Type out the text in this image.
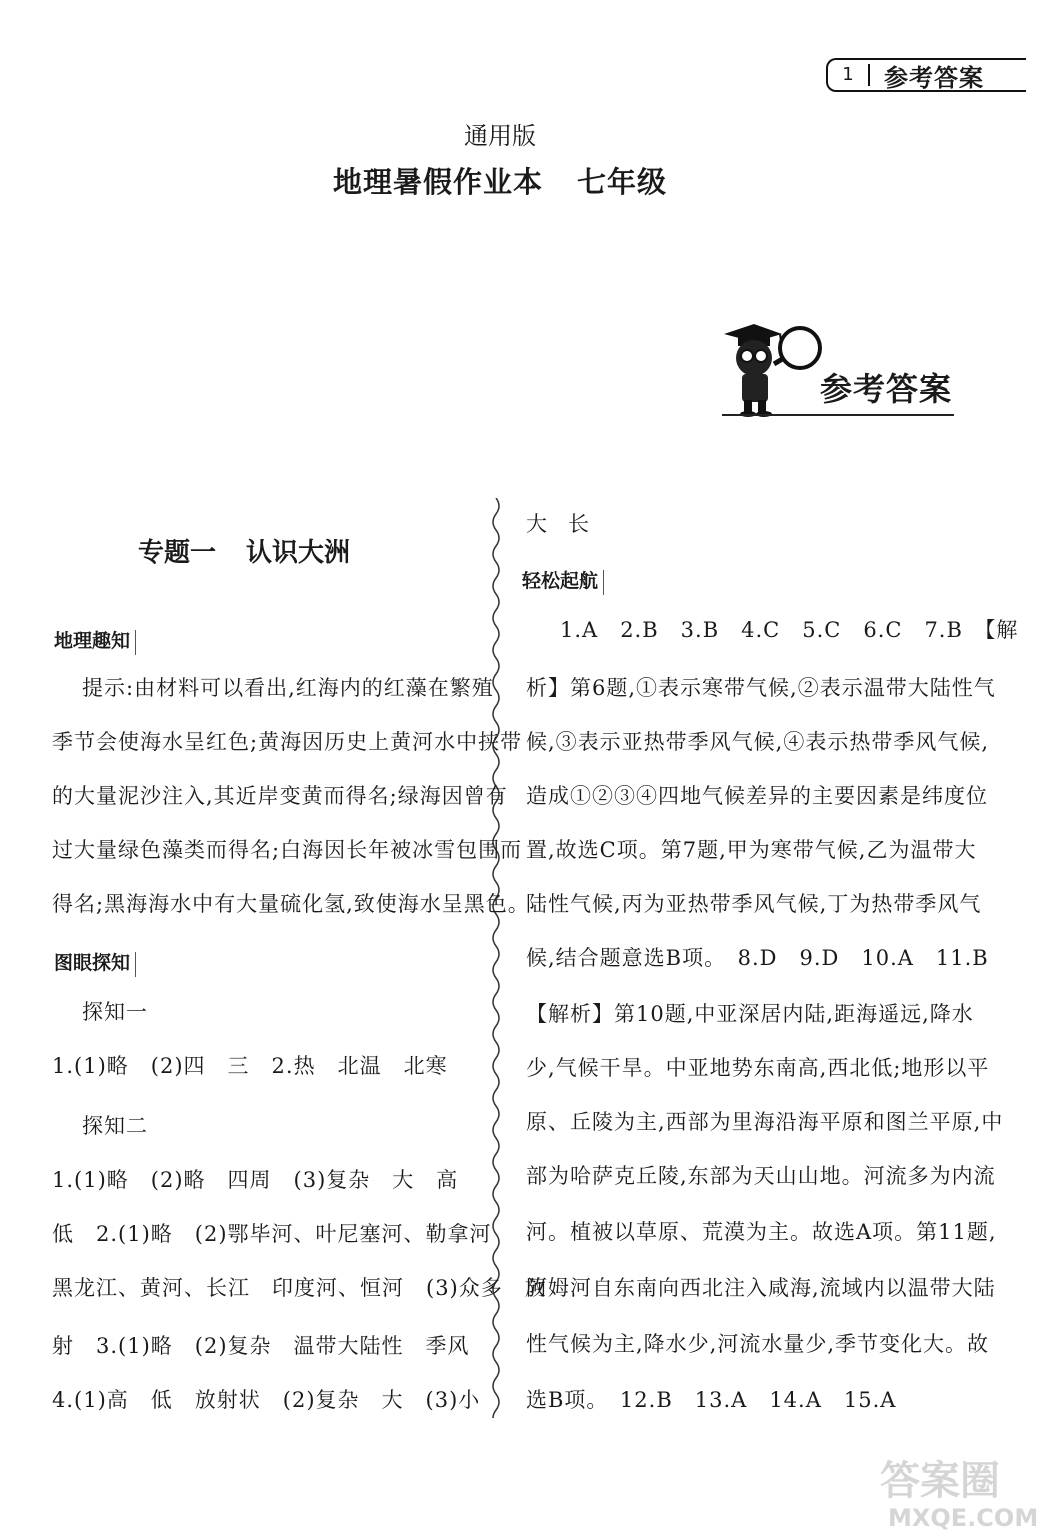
1	参考答案
通用版
地理暑假作业本 七年级
参考答案
专题一 认识大洲
地理趣知
提示:由材料可以看出,红海内的红藻在繁殖
季节会使海水呈红色;黄海因历史上黄河水中挟带
的大量泥沙注入,其近岸变黄而得名;绿海因曾有
过大量绿色藻类而得名;白海因长年被冰雪包围而
得名;黑海海水中有大量硫化氢,致使海水呈黑色。
图眼探知
探知一
1.(1)略　(2)四　三　2.热　北温　北寒
探知二
1.(1)略　(2)略　四周　(3)复杂　大　高
低　2.(1)略　(2)鄂毕河、叶尼塞河、勒拿河
黑龙江、黄河、长江　印度河、恒河　(3)众多　放
射　3.(1)略　(2)复杂　温带大陆性　季风
4.(1)高　低　放射状　(2)复杂　大　(3)小
大　长
轻松起航
1.A　2.B　3.B　4.C　5.C　6.C　7.B　【解
析】第6题,①表示寒带气候,②表示温带大陆性气
候,③表示亚热带季风气候,④表示热带季风气候,
造成①②③④四地气候差异的主要因素是纬度位
置,故选C项。第7题,甲为寒带气候,乙为温带大
陆性气候,丙为亚热带季风气候,丁为热带季风气
候,结合题意选B项。　8.D　9.D　10.A　11.B
【解析】第10题,中亚深居内陆,距海遥远,降水
少,气候干旱。中亚地势东南高,西北低;地形以平
原、丘陵为主,西部为里海沿海平原和图兰平原,中
部为哈萨克丘陵,东部为天山山地。河流多为内流
河。植被以草原、荒漠为主。故选A项。第11题,
阿姆河自东南向西北注入咸海,流域内以温带大陆
性气候为主,降水少,河流水量少,季节变化大。故
选B项。　12.B　13.A　14.A　15.A
答案圈
MXQE.COM
